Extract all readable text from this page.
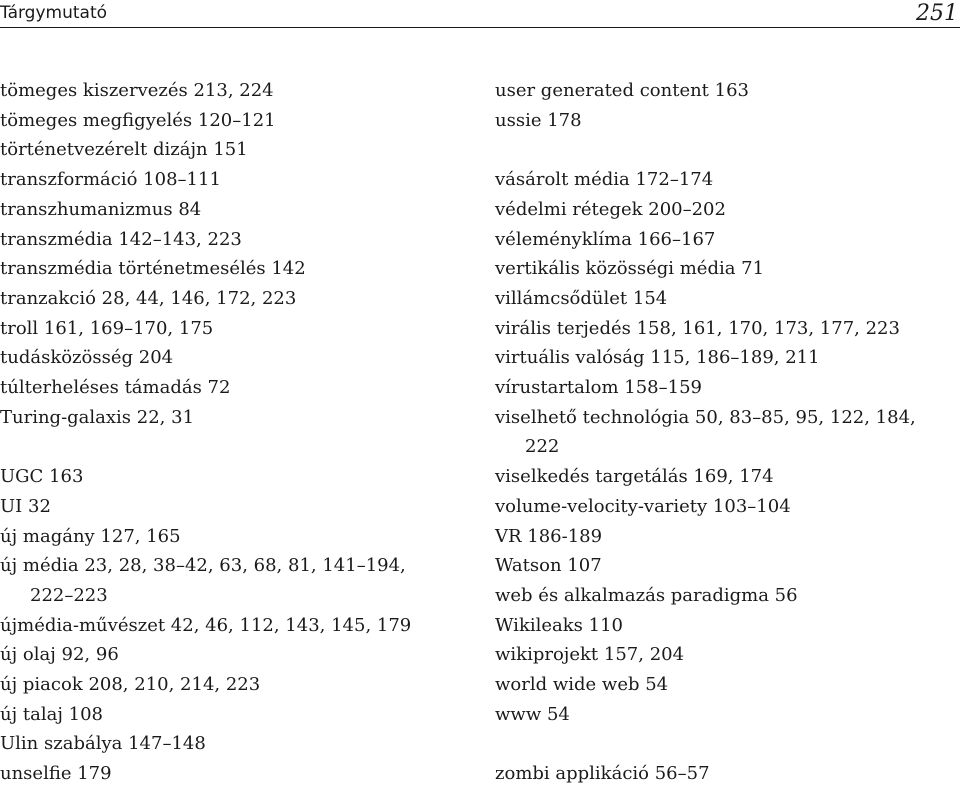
Tárgymutató	251
tömeges kiszervezés 213, 224
tömeges megfigyelés 120–121
történetvezérelt dizájn 151
transzformáció 108–111
transzhumanizmus 84
transzmédia 142–143, 223
transzmédia történetmesélés 142
tranzakció 28, 44, 146, 172, 223
troll 161, 169–170, 175
tudásközösség 204
túlterheléses támadás 72
Turing-galaxis 22, 31
UGC 163
UI 32
új magány 127, 165
új média 23, 28, 38–42, 63, 68, 81, 141–194,
222–223
újmédia-művészet 42, 46, 112, 143, 145, 179
új olaj 92, 96
új piacok 208, 210, 214, 223
új talaj 108
Ulin szabálya 147–148
unselfie 179
user generated content 163
ussie 178
vásárolt média 172–174
védelmi rétegek 200–202
véleményklíma 166–167
vertikális közösségi média 71
villámcsődület 154
virális terjedés 158, 161, 170, 173, 177, 223
virtuális valóság 115, 186–189, 211
vírustartalom 158–159
viselhető technológia 50, 83–85, 95, 122, 184,
222
viselkedés targetálás 169, 174
volume-velocity-variety 103–104
VR 186-189
Watson 107
web és alkalmazás paradigma 56
Wikileaks 110
wikiprojekt 157, 204
world wide web 54
www 54
zombi applikáció 56–57
